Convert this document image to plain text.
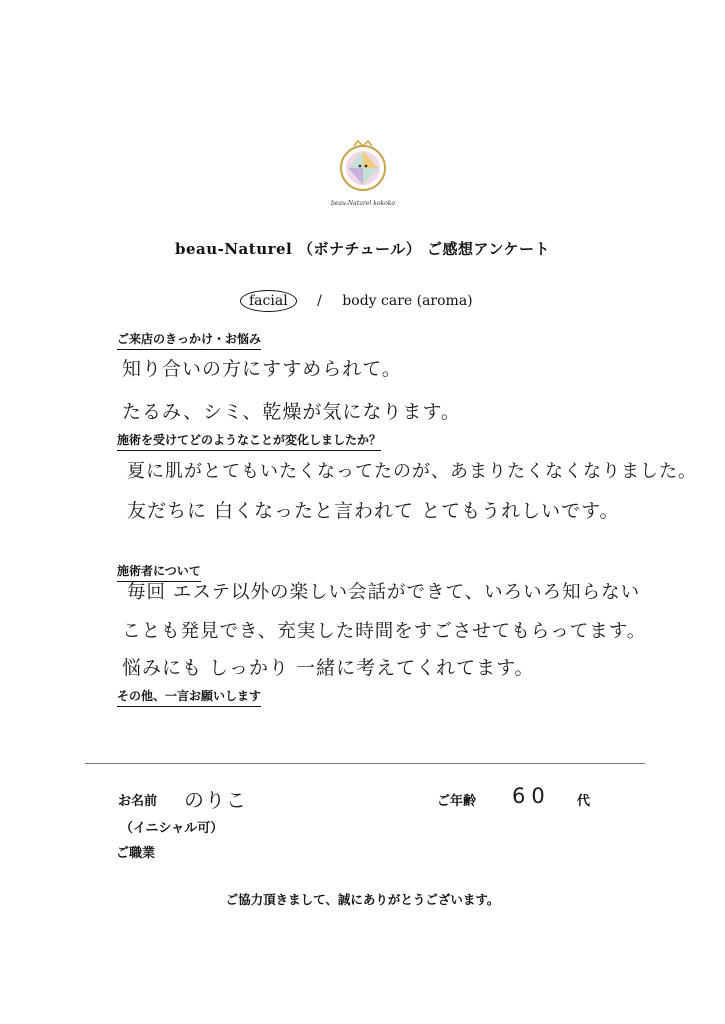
beau-Naturel kokoko
beau-Naturel （ボナチュール） ご感想アンケート
facial / body care (aroma)
ご来店のきっかけ・お悩み
知り合いの方にすすめられて。
たるみ、シミ、乾燥が気になります。
施術を受けてどのようなことが変化しましたか？
夏に肌がとてもいたくなってたのが、あまりたくなくなりました。
友だちに 白くなったと言われて とてもうれしいです。
施術者について
毎回 エステ以外の楽しい会話ができて、いろいろ知らない
ことも発見でき、充実した時間をすごさせてもらってます。
悩みにも しっかり 一緒に考えてくれてます。
その他、一言お願いします
お名前 のりこ
（イニシャル可）
ご職業
ご年齢 60 代
ご協力頂きまして、誠にありがとうございます。
